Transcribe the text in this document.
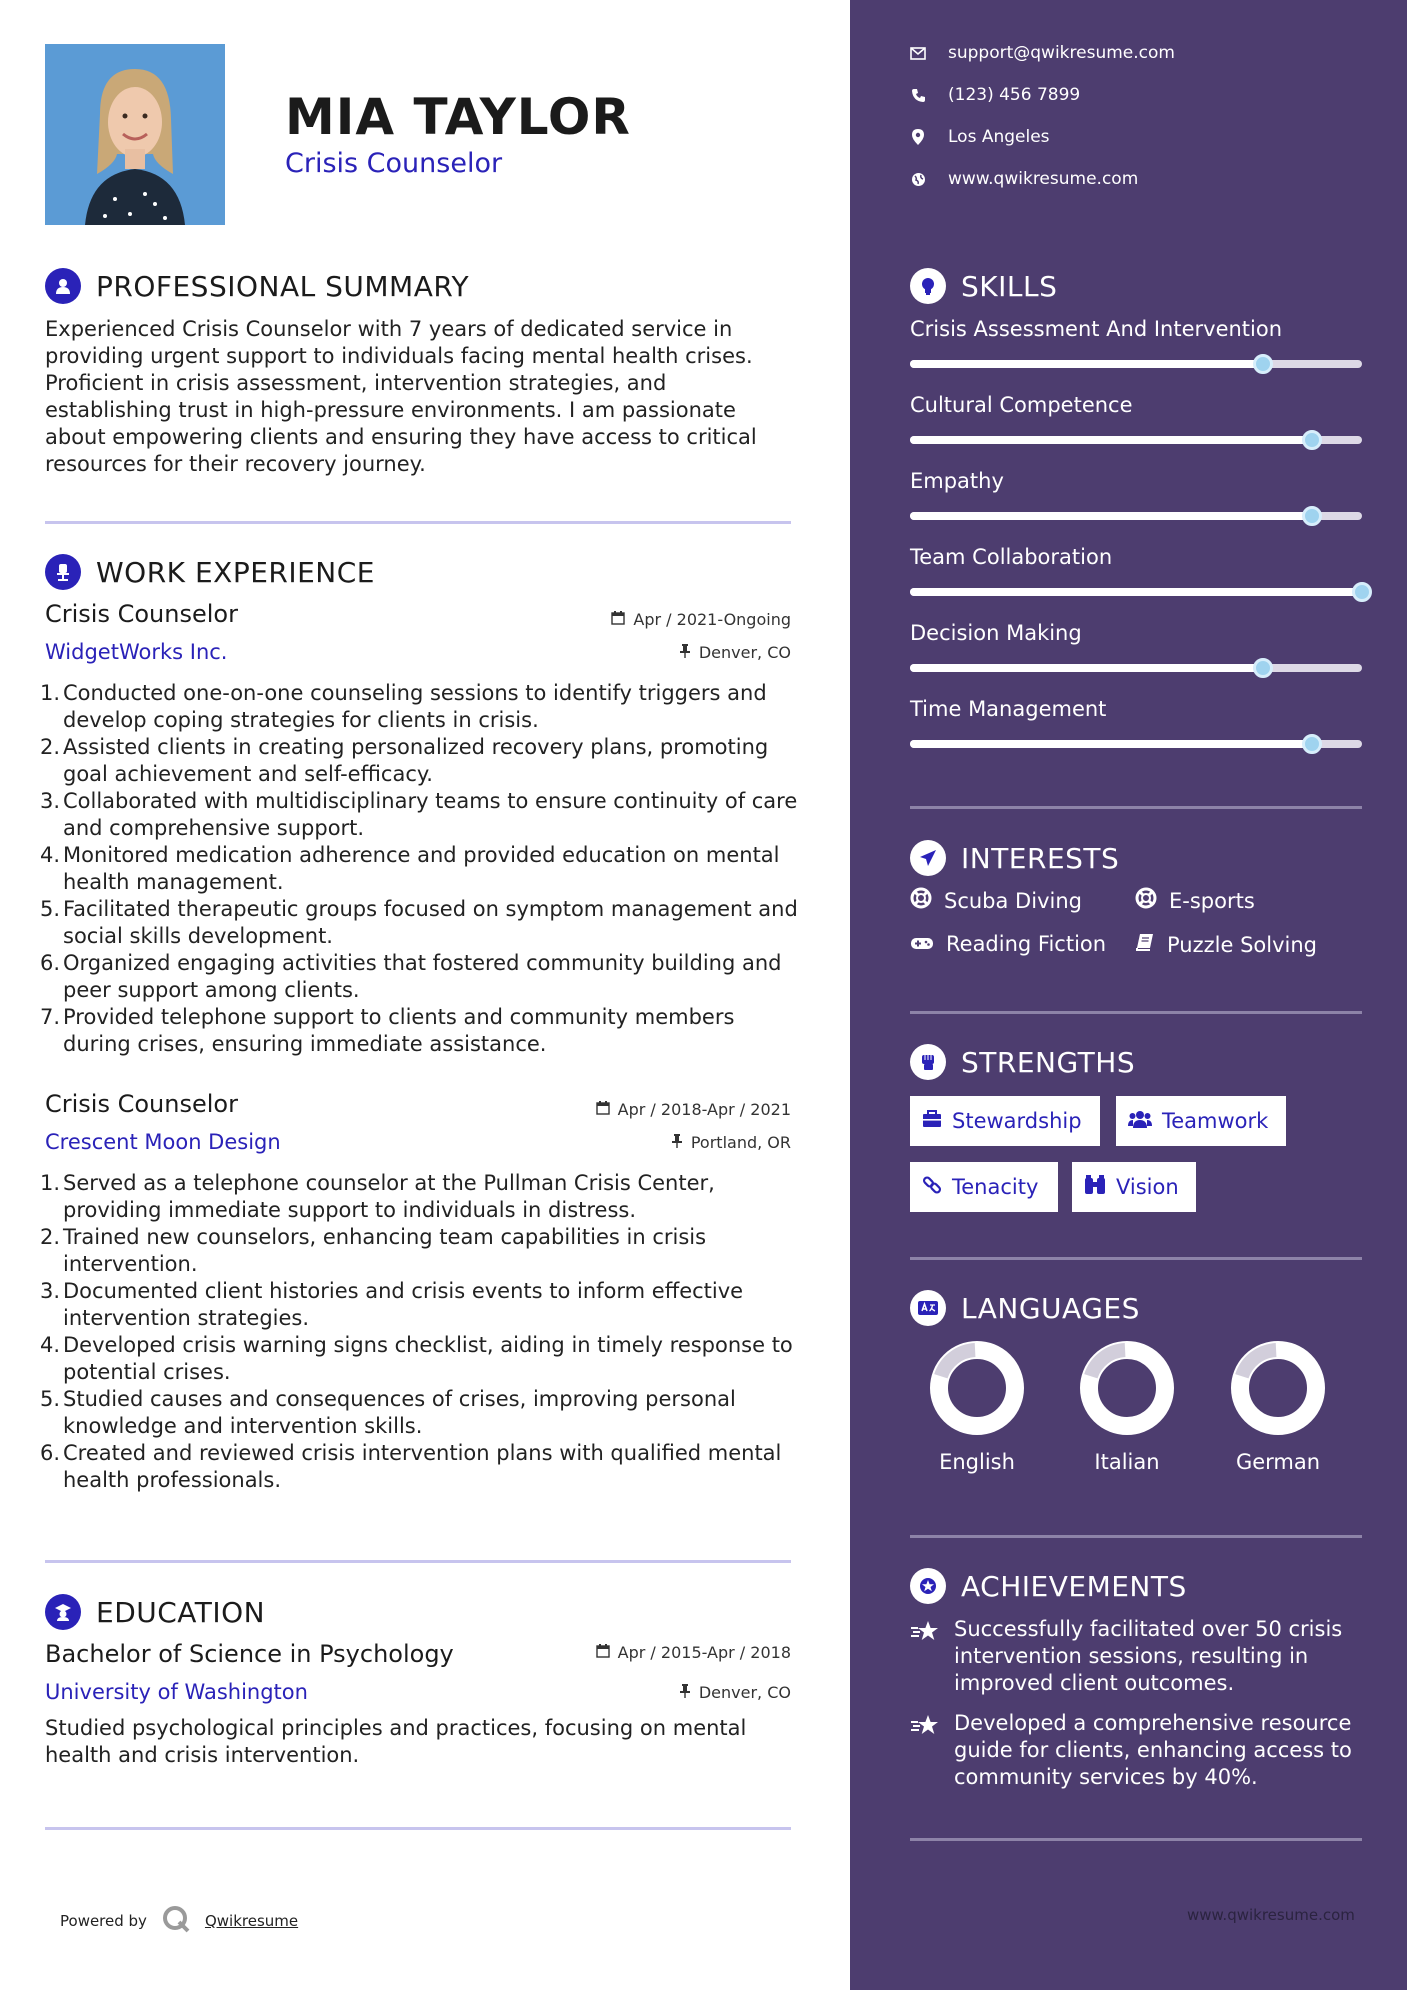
MIA TAYLOR
Crisis Counselor
PROFESSIONAL SUMMARY
Experienced Crisis Counselor with 7 years of dedicated service in providing urgent support to individuals facing mental health crises. Proficient in crisis assessment, intervention strategies, and establishing trust in high-pressure environments. I am passionate about empowering clients and ensuring they have access to critical resources for their recovery journey.
WORK EXPERIENCE
Crisis Counselor	Apr / 2021-Ongoing
WidgetWorks Inc.	Denver, CO
1. Conducted one-on-one counseling sessions to identify triggers and develop coping strategies for clients in crisis.
2. Assisted clients in creating personalized recovery plans, promoting goal achievement and self-efficacy.
3. Collaborated with multidisciplinary teams to ensure continuity of care and comprehensive support.
4. Monitored medication adherence and provided education on mental health management.
5. Facilitated therapeutic groups focused on symptom management and social skills development.
6. Organized engaging activities that fostered community building and peer support among clients.
7. Provided telephone support to clients and community members during crises, ensuring immediate assistance.
Crisis Counselor	Apr / 2018-Apr / 2021
Crescent Moon Design	Portland, OR
1. Served as a telephone counselor at the Pullman Crisis Center, providing immediate support to individuals in distress.
2. Trained new counselors, enhancing team capabilities in crisis intervention.
3. Documented client histories and crisis events to inform effective intervention strategies.
4. Developed crisis warning signs checklist, aiding in timely response to potential crises.
5. Studied causes and consequences of crises, improving personal knowledge and intervention skills.
6. Created and reviewed crisis intervention plans with qualified mental health professionals.
EDUCATION
Bachelor of Science in Psychology	Apr / 2015-Apr / 2018
University of Washington	Denver, CO
Studied psychological principles and practices, focusing on mental health and crisis intervention.
Powered by	Qwikresume
support@qwikresume.com
(123) 456 7899
Los Angeles
www.qwikresume.com
SKILLS
Crisis Assessment And Intervention
Cultural Competence
Empathy
Team Collaboration
Decision Making
Time Management
INTERESTS
Scuba Diving	E-sports
Reading Fiction	Puzzle Solving
STRENGTHS
Stewardship	Teamwork
Tenacity	Vision
LANGUAGES
English	Italian	German
ACHIEVEMENTS
Successfully facilitated over 50 crisis intervention sessions, resulting in improved client outcomes.
Developed a comprehensive resource guide for clients, enhancing access to community services by 40%.
www.qwikresume.com
